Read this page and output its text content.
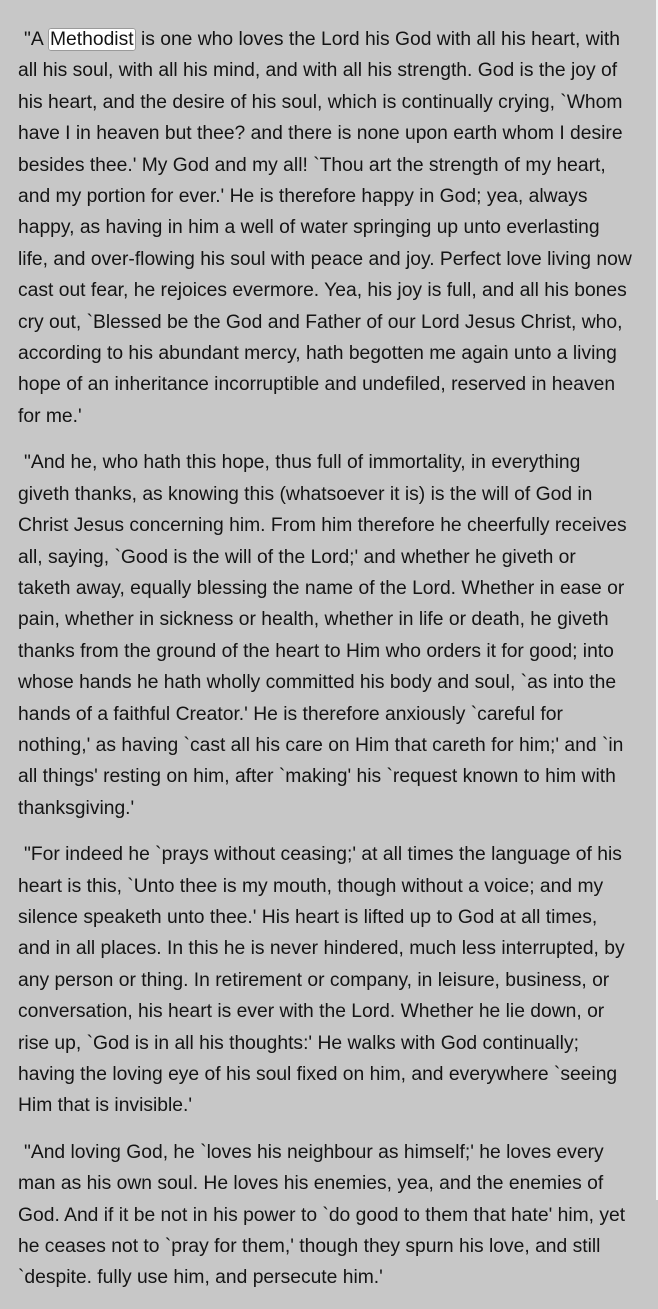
"A Methodist is one who loves the Lord his God with all his heart, with all his soul, with all his mind, and with all his strength. God is the joy of his heart, and the desire of his soul, which is continually crying, `Whom have I in heaven but thee? and there is none upon earth whom I desire besides thee.' My God and my all! `Thou art the strength of my heart, and my portion for ever.' He is therefore happy in God; yea, always happy, as having in him a well of water springing up unto everlasting life, and over-flowing his soul with peace and joy. Perfect love living now cast out fear, he rejoices evermore. Yea, his joy is full, and all his bones cry out, `Blessed be the God and Father of our Lord Jesus Christ, who, according to his abundant mercy, hath begotten me again unto a living hope of an inheritance incorruptible and undefiled, reserved in heaven for me.'

"And he, who hath this hope, thus full of immortality, in everything giveth thanks, as knowing this (whatsoever it is) is the will of God in Christ Jesus concerning him. From him therefore he cheerfully receives all, saying, `Good is the will of the Lord;' and whether he giveth or taketh away, equally blessing the name of the Lord. Whether in ease or pain, whether in sickness or health, whether in life or death, he giveth thanks from the ground of the heart to Him who orders it for good; into whose hands he hath wholly committed his body and soul, `as into the hands of a faithful Creator.' He is therefore anxiously `careful for nothing,' as having `cast all his care on Him that careth for him;' and `in all things' resting on him, after `making' his `request known to him with thanksgiving.'

"For indeed he `prays without ceasing;' at all times the language of his heart is this, `Unto thee is my mouth, though without a voice; and my silence speaketh unto thee.' His heart is lifted up to God at all times, and in all places. In this he is never hindered, much less interrupted, by any person or thing. In retirement or company, in leisure, business, or conversation, his heart is ever with the Lord. Whether he lie down, or rise up, `God is in all his thoughts:' He walks with God continually; having the loving eye of his soul fixed on him, and everywhere `seeing Him that is invisible.'

"And loving God, he `loves his neighbour as himself;' he loves every man as his own soul. He loves his enemies, yea, and the enemies of God. And if it be not in his power to `do good to them that hate' him, yet he ceases not to `pray for them,' though they spurn his love, and still `despite. fully use him, and persecute him.'
